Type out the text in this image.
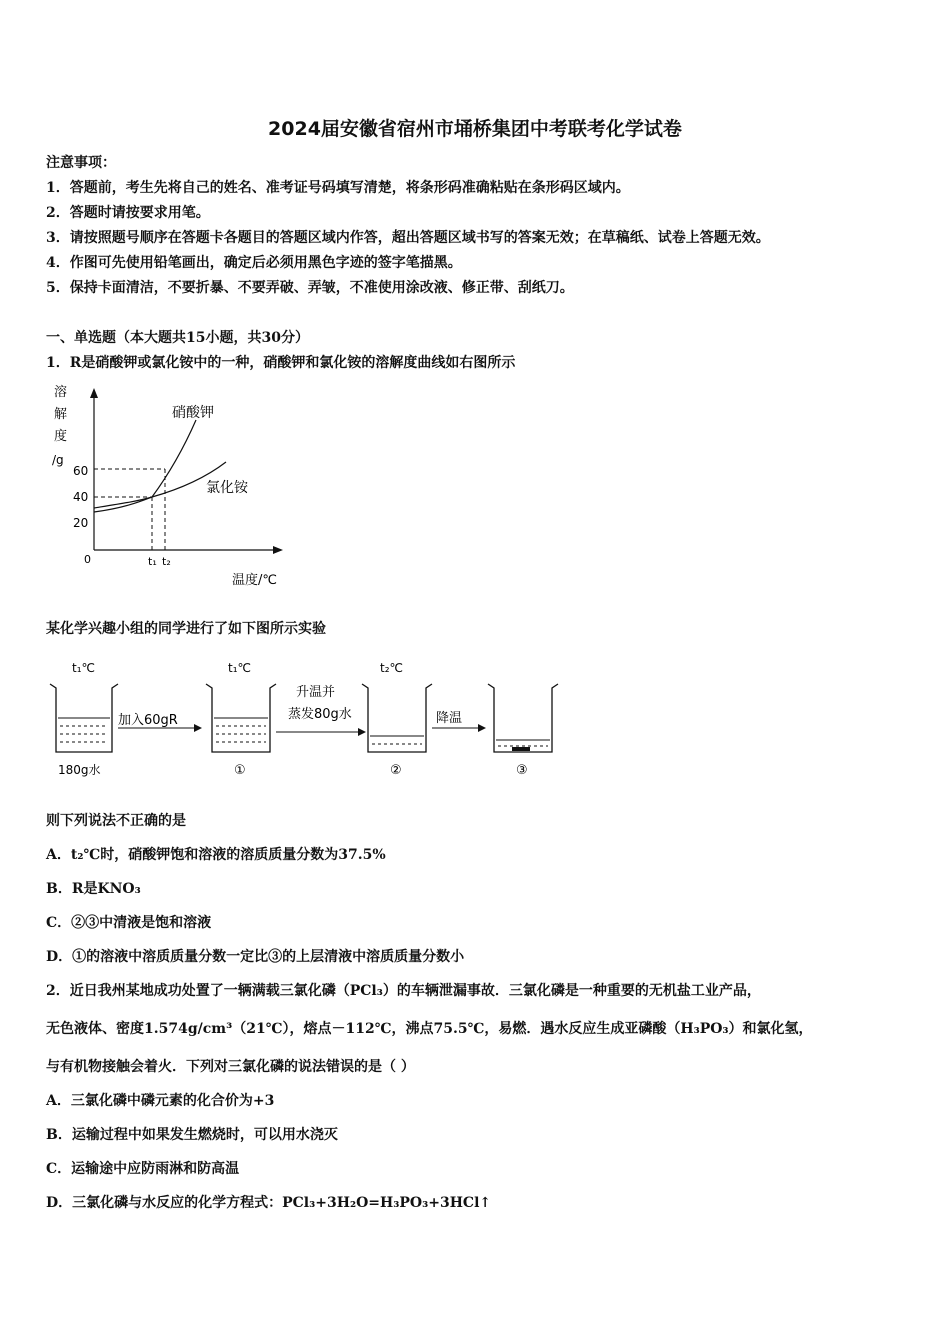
2024届安徽省宿州市埇桥集团中考联考化学试卷
注意事项：
1．答题前，考生先将自己的姓名、准考证号码填写清楚，将条形码准确粘贴在条形码区域内。
2．答题时请按要求用笔。
3．请按照题号顺序在答题卡各题目的答题区域内作答，超出答题区域书写的答案无效；在草稿纸、试卷上答题无效。
4．作图可先使用铅笔画出，确定后必须用黑色字迹的签字笔描黑。
5．保持卡面清洁，不要折暴、不要弄破、弄皱，不准使用涂改液、修正带、刮纸刀。
一、单选题（本大题共15小题，共30分）
1．R是硝酸钾或氯化铵中的一种，硝酸钾和氯化铵的溶解度曲线如右图所示
溶
解
度
/g
0
20
40
60
硝酸钾
氯化铵
t₁ t₂
温度/℃
某化学兴趣小组的同学进行了如下图所示实验
t₁℃	t₁℃	t₂℃
180g水
加入60gR
①
升温并
蒸发80g水
②
降温
③
则下列说法不正确的是
A．t₂℃时，硝酸钾饱和溶液的溶质质量分数为37.5%
B．R是KNO₃
C．②③中清液是饱和溶液
D．①的溶液中溶质质量分数一定比③的上层清液中溶质质量分数小
2．近日我州某地成功处置了一辆满载三氯化磷（PCl₃）的车辆泄漏事故．三氯化磷是一种重要的无机盐工业产品，
无色液体、密度1.574g/cm³（21℃），熔点－112℃，沸点75.5℃，易燃．遇水反应生成亚磷酸（H₃PO₃）和氯化氢，
与有机物接触会着火．下列对三氯化磷的说法错误的是（ ）
A．三氯化磷中磷元素的化合价为+3
B．运输过程中如果发生燃烧时，可以用水浇灭
C．运输途中应防雨淋和防高温
D．三氯化磷与水反应的化学方程式：PCl₃+3H₂O=H₃PO₃+3HCl↑
